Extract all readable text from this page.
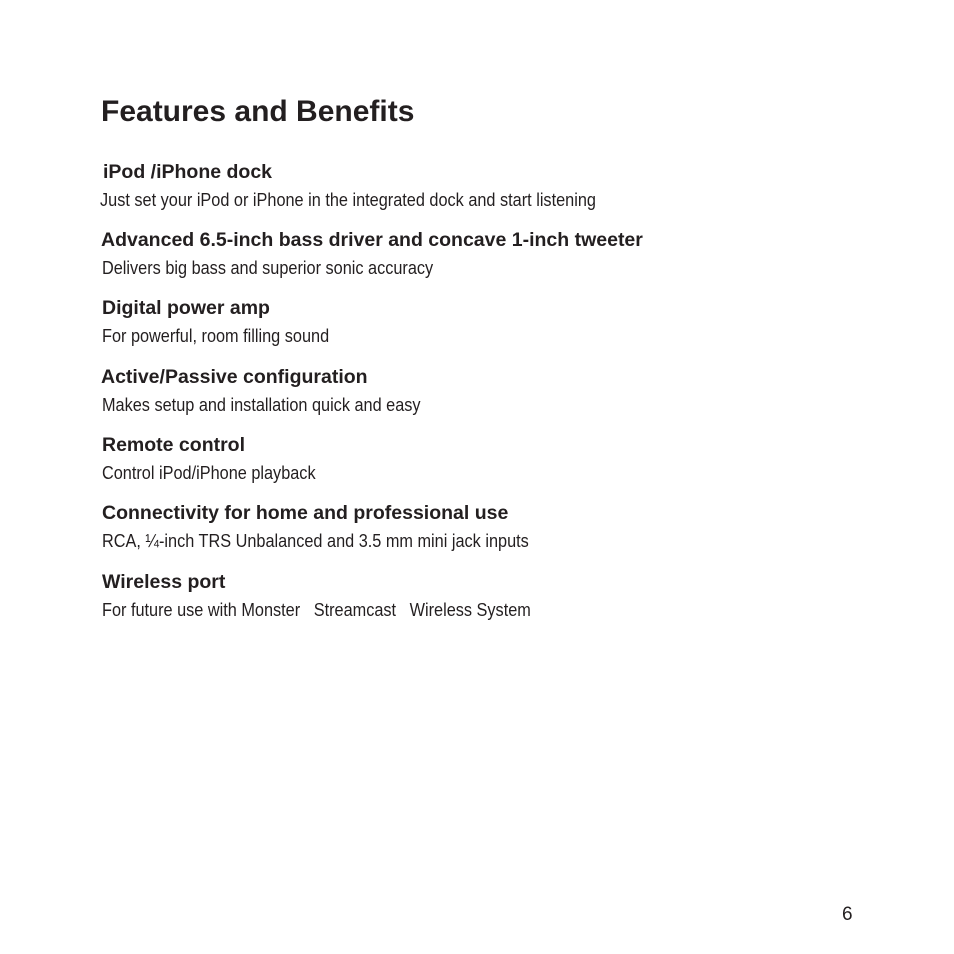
Features and Benefits
iPod /iPhone dock
Just set your iPod or iPhone in the integrated dock and start listening
Advanced 6.5-inch bass driver and concave 1-inch tweeter
Delivers big bass and superior sonic accuracy
Digital power amp
For powerful, room filling sound
Active/Passive configuration
Makes setup and installation quick and easy
Remote control
Control iPod/iPhone playback
Connectivity for home and professional use
RCA, ¼-inch TRS Unbalanced and 3.5 mm mini jack inputs
Wireless port
For future use with Monster   Streamcast   Wireless System
6
